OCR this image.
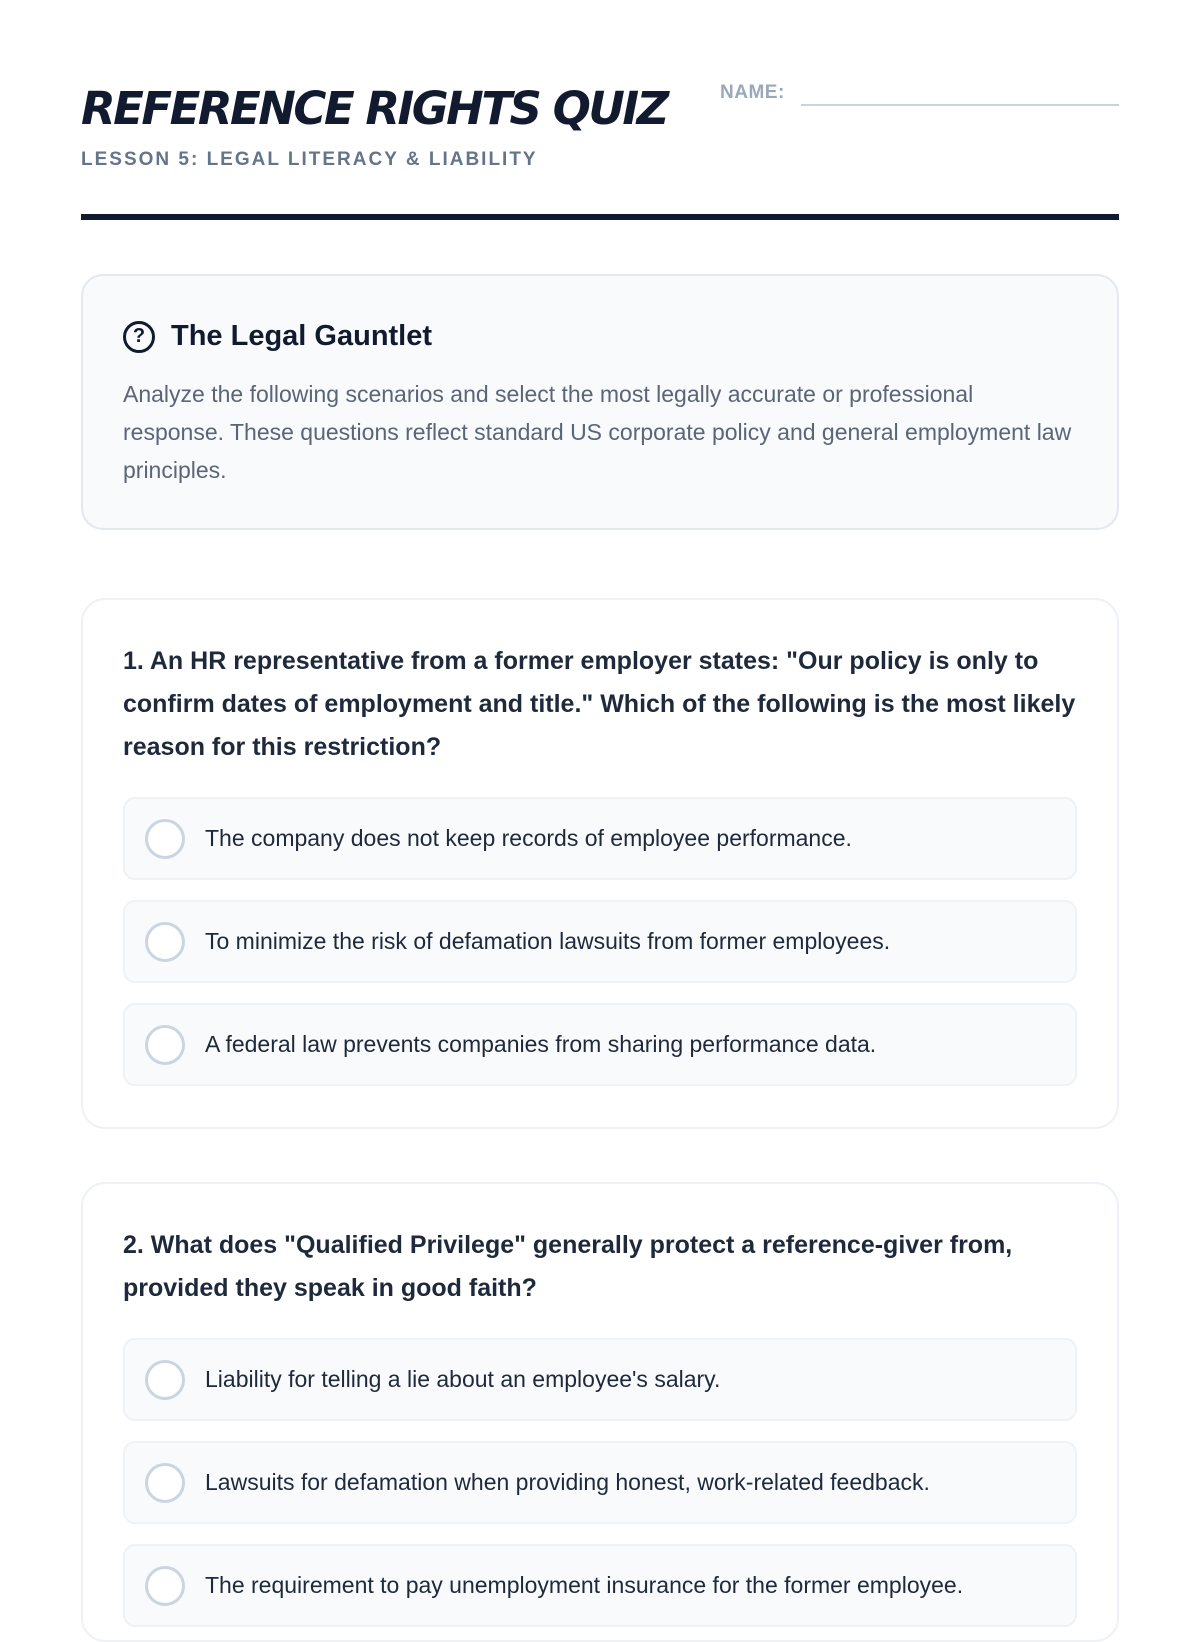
REFERENCE RIGHTS QUIZ	NAME:
LESSON 5: LEGAL LITERACY & LIABILITY
? The Legal Gauntlet

Analyze the following scenarios and select the most legally accurate or professional response. These questions reflect standard US corporate policy and general employment law principles.

1. An HR representative from a former employer states: "Our policy is only to confirm dates of employment and title." Which of the following is the most likely reason for this restriction?

The company does not keep records of employee performance.
To minimize the risk of defamation lawsuits from former employees.
A federal law prevents companies from sharing performance data.

2. What does "Qualified Privilege" generally protect a reference-giver from, provided they speak in good faith?

Liability for telling a lie about an employee's salary.
Lawsuits for defamation when providing honest, work-related feedback.
The requirement to pay unemployment insurance for the former employee.
